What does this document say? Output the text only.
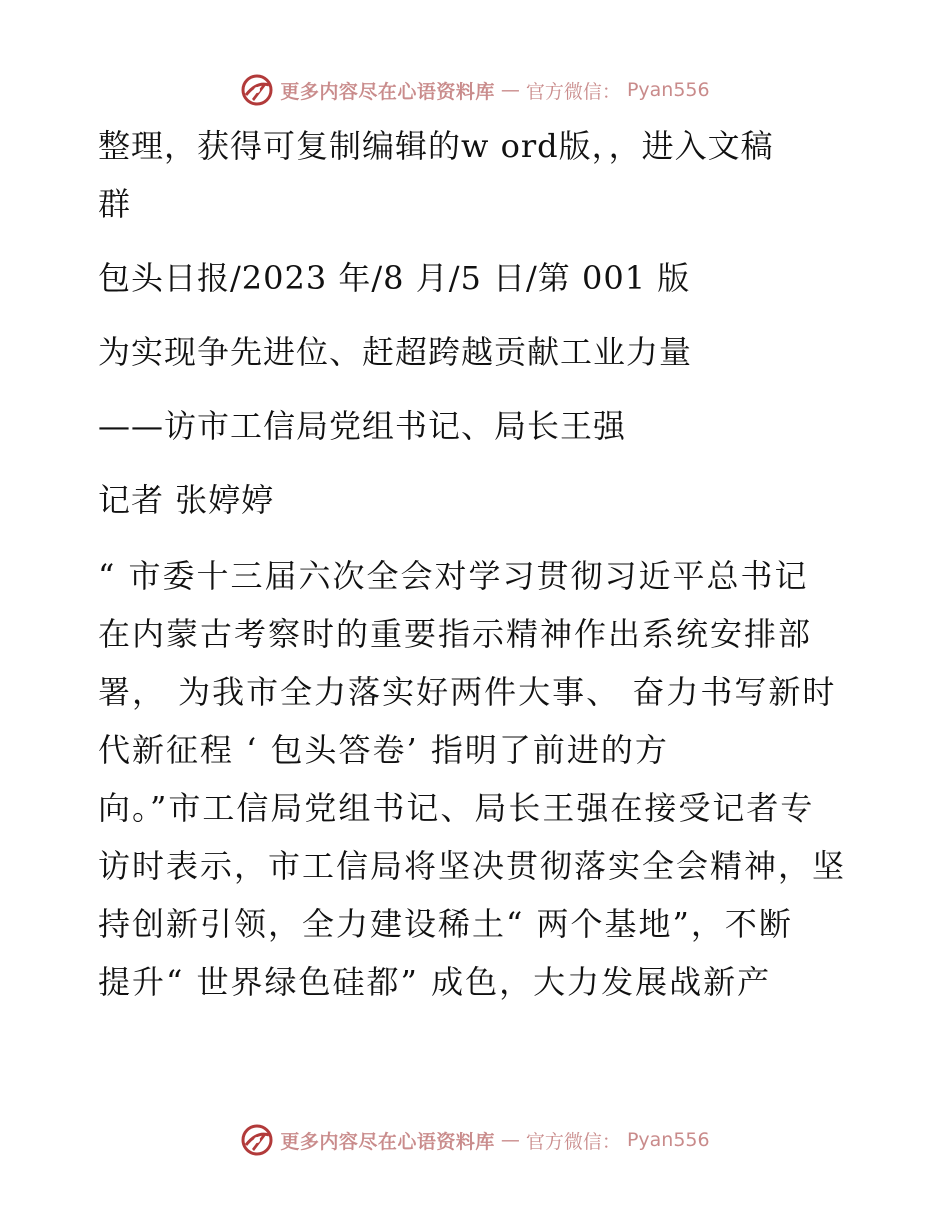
更多内容尽在心语资料库 — 官方微信： Pyan556
整理，获得可复制编辑的w ord版，，进入文稿
群
包头日报/2023 年/8 月/5 日/第 001 版
为实现争先进位、赶超跨越贡献工业力量
——访市工信局党组书记、局长王强
记者 张婷婷
“ 市委十三届六次全会对学习贯彻习近平总书记
在内蒙古考察时的重要指示精神作出系统安排部
署， 为我市全力落实好两件大事、 奋力书写新时
代新征程 ‘ 包头答卷’ 指明了前进的方
向。”市工信局党组书记、局长王强在接受记者专
访时表示，市工信局将坚决贯彻落实全会精神，坚
持创新引领，全力建设稀土“ 两个基地”，不断
提升“ 世界绿色硅都” 成色，大力发展战新产
更多内容尽在心语资料库 — 官方微信： Pyan556
